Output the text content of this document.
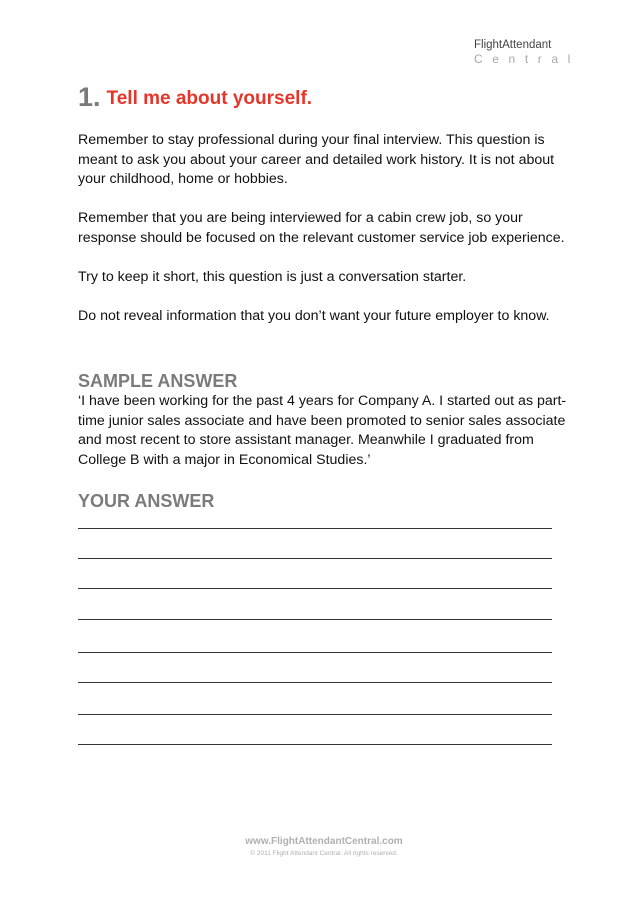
FlightAttendant
Central
1. Tell me about yourself.

Remember to stay professional during your final interview. This question is meant to ask you about your career and detailed work history. It is not about your childhood, home or hobbies.

Remember that you are being interviewed for a cabin crew job, so your response should be focused on the relevant customer service job experience.

Try to keep it short, this question is just a conversation starter.

Do not reveal information that you don’t want your future employer to know.

SAMPLE ANSWER
‘I have been working for the past 4 years for Company A. I started out as part-time junior sales associate and have been promoted to senior sales associate and most recent to store assistant manager. Meanwhile I graduated from College B with a major in Economical Studies.’
YOUR ANSWER
www.FlightAttendantCentral.com
© 2011 Flight Attendant Central. All rights reserved.
